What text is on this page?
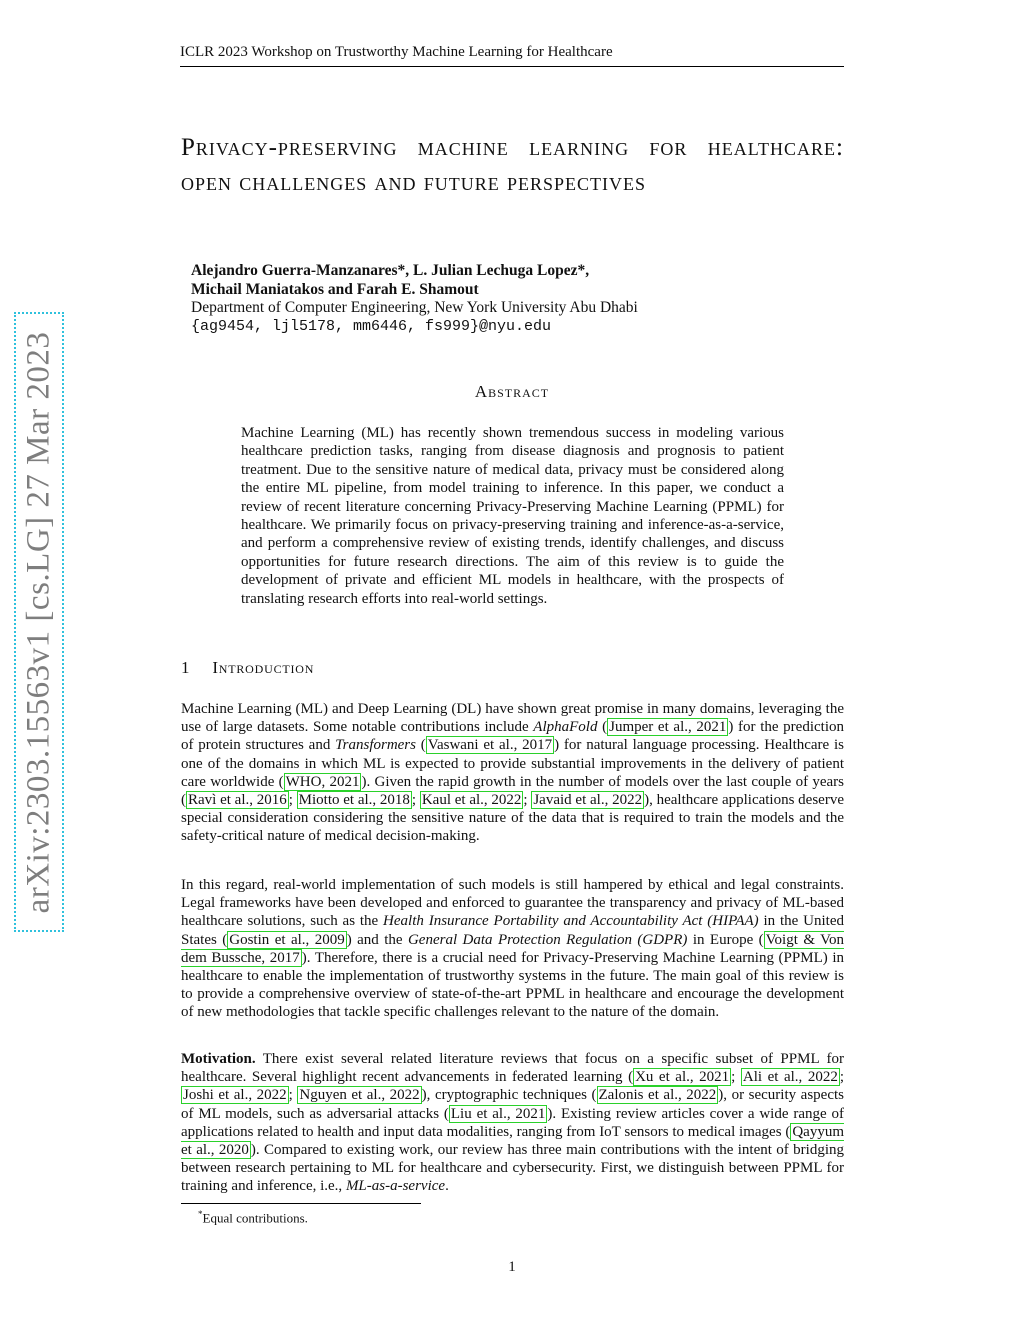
ICLR 2023 Workshop on Trustworthy Machine Learning for Healthcare
arXiv:2303.15563v1 [cs.LG] 27 Mar 2023
Privacy-preserving machine learning for healthcare: open challenges and future perspectives
Alejandro Guerra-Manzanares*, L. Julian Lechuga Lopez*,
Michail Maniatakos and Farah E. Shamout
Department of Computer Engineering, New York University Abu Dhabi
{ag9454, ljl5178, mm6446, fs999}@nyu.edu
Abstract

Machine Learning (ML) has recently shown tremendous success in modeling various healthcare prediction tasks, ranging from disease diagnosis and prognosis to patient treatment. Due to the sensitive nature of medical data, privacy must be considered along the entire ML pipeline, from model training to inference. In this paper, we conduct a review of recent literature concerning Privacy-Preserving Machine Learning (PPML) for healthcare. We primarily focus on privacy-preserving training and inference-as-a-service, and perform a comprehensive review of existing trends, identify challenges, and discuss opportunities for future research directions. The aim of this review is to guide the development of private and efficient ML models in healthcare, with the prospects of translating research efforts into real-world settings.

1 Introduction

Machine Learning (ML) and Deep Learning (DL) have shown great promise in many domains, leveraging the use of large datasets. Some notable contributions include AlphaFold ( Jumper et al., 2021 ) for the prediction of protein structures and Transformers ( Vaswani et al., 2017 ) for natural language processing. Healthcare is one of the domains in which ML is expected to provide substantial improvements in the delivery of patient care worldwide ( WHO, 2021 ). Given the rapid growth in the number of models over the last couple of years ( Ravì et al., 2016 ; Miotto et al., 2018 ; Kaul et al., 2022 ; Javaid et al., 2022 ), healthcare applications deserve special consideration considering the sensitive nature of the data that is required to train the models and the safety-critical nature of medical decision-making.

In this regard, real-world implementation of such models is still hampered by ethical and legal constraints. Legal frameworks have been developed and enforced to guarantee the transparency and privacy of ML-based healthcare solutions, such as the Health Insurance Portability and Accountability Act (HIPAA) in the United States ( Gostin et al., 2009 ) and the General Data Protection Regulation (GDPR) in Europe ( Voigt & Von dem Bussche, 2017 ). Therefore, there is a crucial need for Privacy-Preserving Machine Learning (PPML) in healthcare to enable the implementation of trustworthy systems in the future. The main goal of this review is to provide a comprehensive overview of state-of-the-art PPML in healthcare and encourage the development of new methodologies that tackle specific challenges relevant to the nature of the domain.

Motivation. There exist several related literature reviews that focus on a specific subset of PPML for healthcare. Several highlight recent advancements in federated learning ( Xu et al., 2021 ; Ali et al., 2022 ; Joshi et al., 2022 ; Nguyen et al., 2022 ), cryptographic techniques ( Zalonis et al., 2022 ), or security aspects of ML models, such as adversarial attacks ( Liu et al., 2021 ). Existing review articles cover a wide range of applications related to health and input data modalities, ranging from IoT sensors to medical images ( Qayyum et al., 2020 ). Compared to existing work, our review has three main contributions with the intent of bridging between research pertaining to ML for healthcare and cybersecurity. First, we distinguish between PPML for training and inference, i.e., ML-as-a-service.

*Equal contributions.
1
